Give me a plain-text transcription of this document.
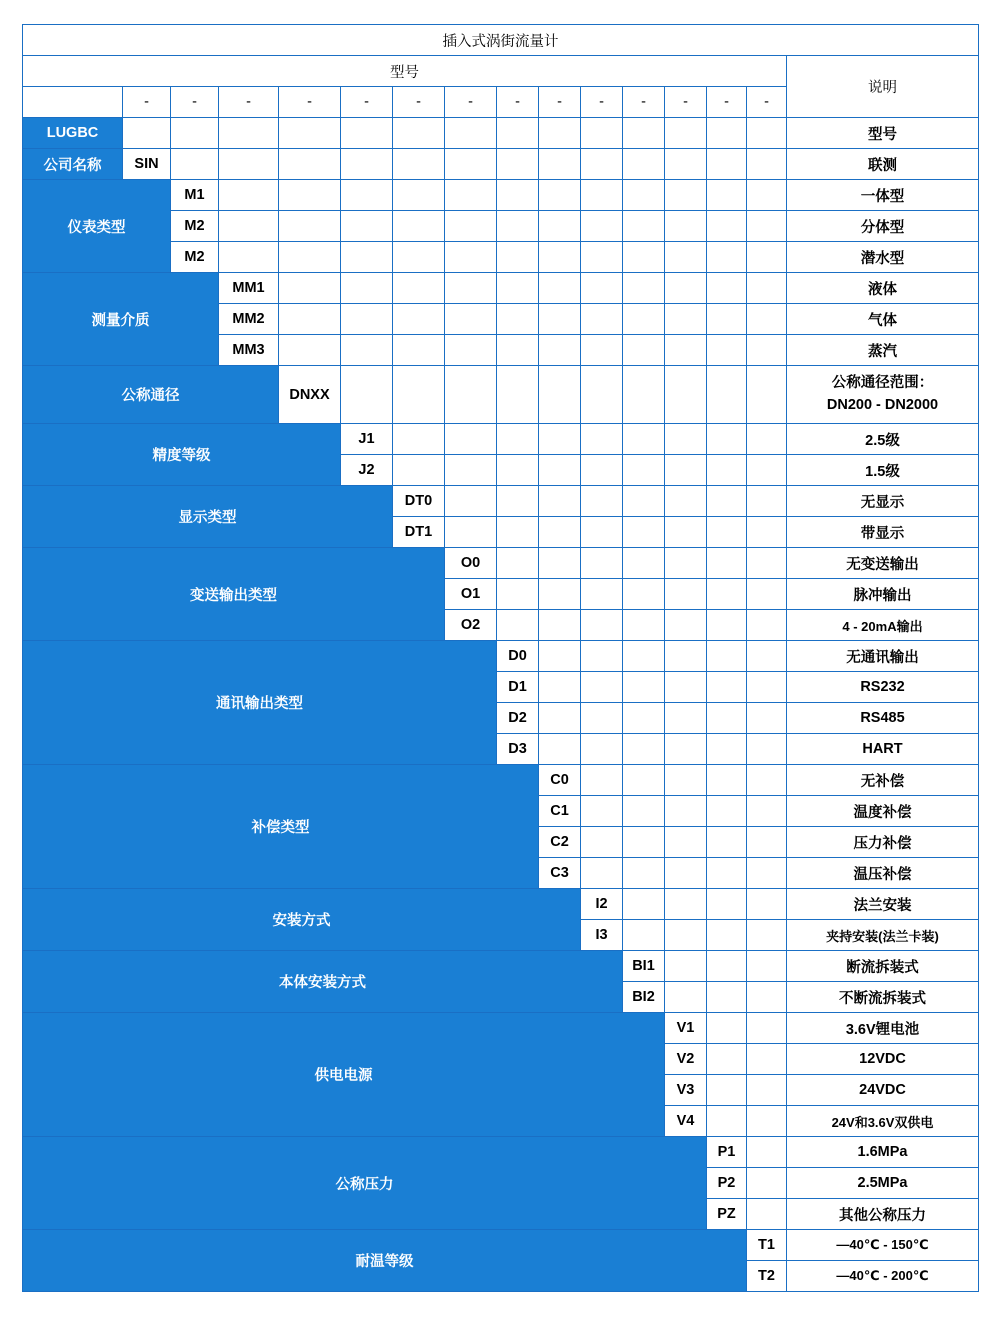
插入式涡街流量计															
型号															说明
	-	-	-	-	-	-	-	-	-	-	-	-	-	-	
LUGBC															型号
公司名称	SIN														联测
仪表类型		M1													一体型
		M2													分体型
		M2													潜水型
测量介质			MM1												液体
			MM2												气体
			MM3												蒸汽
公称通径				DNXX											公称通径范围：
DN200 - DN2000
精度等级					J1										2.5级
					J2										1.5级
显示类型						DT0									无显示
						DT1									带显示
变送输出类型							O0								无变送输出
							O1								脉冲输出
							O2								4 - 20mA输出
通讯输出类型								D0							无通讯输出
								D1							RS232
								D2							RS485
								D3							HART
补偿类型									C0						无补偿
									C1						温度补偿
									C2						压力补偿
									C3						温压补偿
安装方式										I2					法兰安装
										I3					夹持安装(法兰卡装)
本体安装方式											BI1				断流拆装式
											BI2				不断流拆装式
供电电源												V1			3.6V锂电池
												V2			12VDC
												V3			24VDC
												V4			24V和3.6V双供电
公称压力													P1		1.6MPa
													P2		2.5MPa
													PZ		其他公称压力
耐温等级														T1	—40℃ - 150℃
														T2	—40℃ - 200℃
